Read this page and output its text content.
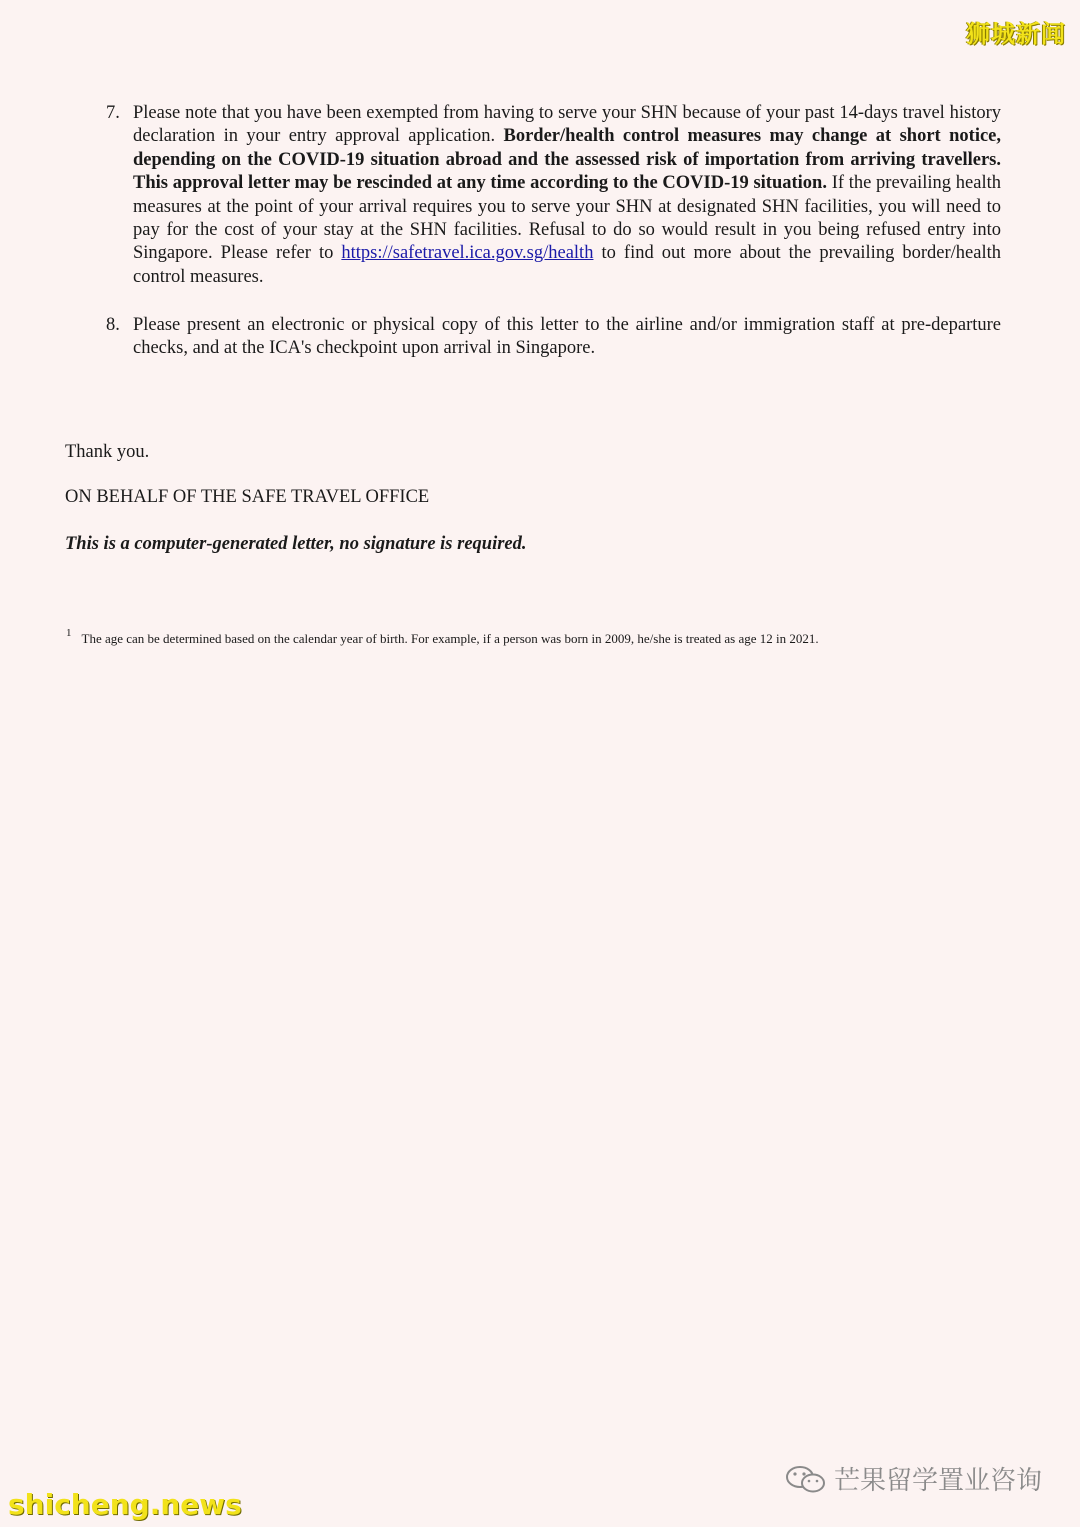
狮城新闻
7. Please note that you have been exempted from having to serve your SHN because of your past 14-days travel history declaration in your entry approval application. Border/health control measures may change at short notice, depending on the COVID-19 situation abroad and the assessed risk of importation from arriving travellers. This approval letter may be rescinded at any time according to the COVID-19 situation. If the prevailing health measures at the point of your arrival requires you to serve your SHN at designated SHN facilities, you will need to pay for the cost of your stay at the SHN facilities. Refusal to do so would result in you being refused entry into Singapore. Please refer to https://safetravel.ica.gov.sg/health to find out more about the prevailing border/health control measures.
8. Please present an electronic or physical copy of this letter to the airline and/or immigration staff at pre-departure checks, and at the ICA's checkpoint upon arrival in Singapore.
Thank you.
ON BEHALF OF THE SAFE TRAVEL OFFICE
This is a computer-generated letter, no signature is required.
$^1$ The age can be determined based on the calendar year of birth. For example, if a person was born in 2009, he/she is treated as age 12 in 2021.
芒果留学置业咨询
shicheng.news
